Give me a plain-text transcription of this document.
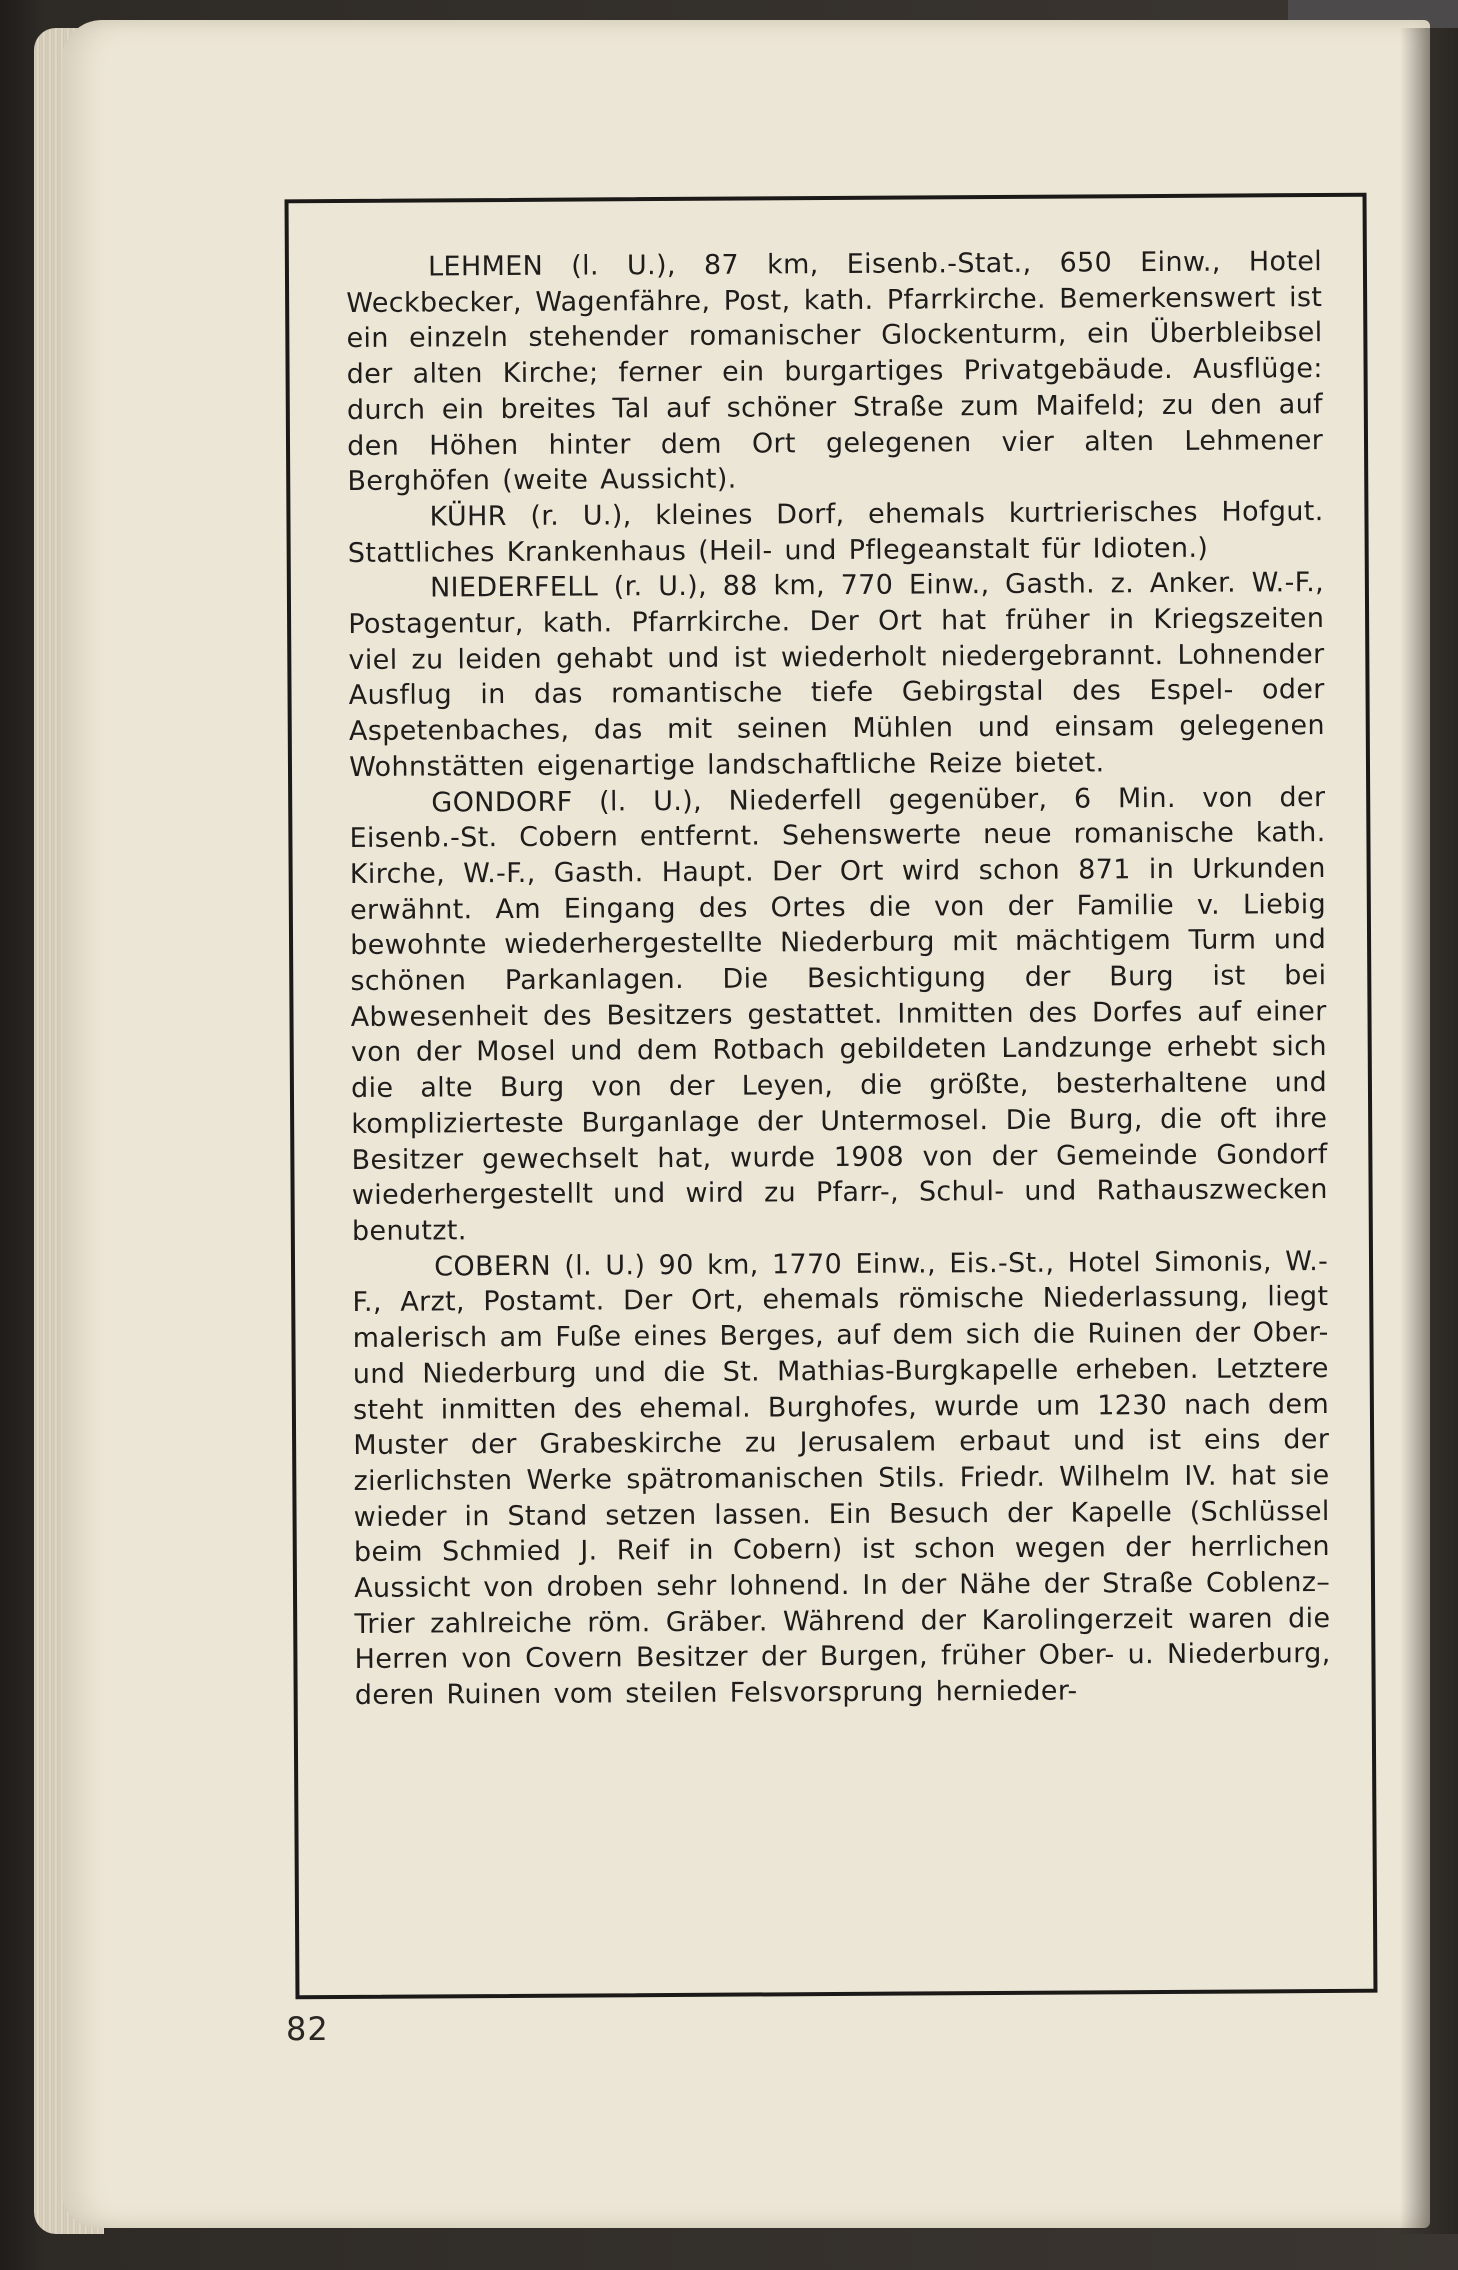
LEHMEN (l. U.), 87 km, Eisenb.-Stat., 650 Einw., Hotel Weckbecker, Wagenfähre, Post, kath. Pfarrkirche. Bemerkenswert ist ein einzeln stehender romanischer Glockenturm, ein Überbleibsel der alten Kirche; ferner ein burgartiges Privatgebäude. Ausflüge: durch ein breites Tal auf schöner Straße zum Maifeld; zu den auf den Höhen hinter dem Ort gelegenen vier alten Lehmener Berghöfen (weite Aussicht).

KÜHR (r. U.), kleines Dorf, ehemals kurtrierisches Hofgut. Stattliches Krankenhaus (Heil- und Pflegeanstalt für Idioten.)

NIEDERFELL (r. U.), 88 km, 770 Einw., Gasth. z. Anker. W.-F., Postagentur, kath. Pfarrkirche. Der Ort hat früher in Kriegszeiten viel zu leiden gehabt und ist wiederholt niedergebrannt. Lohnender Ausflug in das romantische tiefe Gebirgstal des Espel- oder Aspetenbaches, das mit seinen Mühlen und einsam gelegenen Wohnstätten eigenartige landschaftliche Reize bietet.

GONDORF (l. U.), Niederfell gegenüber, 6 Min. von der Eisenb.-St. Cobern entfernt. Sehenswerte neue romanische kath. Kirche, W.-F., Gasth. Haupt. Der Ort wird schon 871 in Urkunden erwähnt. Am Eingang des Ortes die von der Familie v. Liebig bewohnte wiederhergestellte Niederburg mit mächtigem Turm und schönen Parkanlagen. Die Besichtigung der Burg ist bei Abwesenheit des Besitzers gestattet. Inmitten des Dorfes auf einer von der Mosel und dem Rotbach gebildeten Landzunge erhebt sich die alte Burg von der Leyen, die größte, besterhaltene und komplizierteste Burganlage der Untermosel. Die Burg, die oft ihre Besitzer gewechselt hat, wurde 1908 von der Gemeinde Gondorf wiederhergestellt und wird zu Pfarr-, Schul- und Rathauszwecken benutzt.

COBERN (l. U.) 90 km, 1770 Einw., Eis.-St., Hotel Simonis, W.-F., Arzt, Postamt. Der Ort, ehemals römische Niederlassung, liegt malerisch am Fuße eines Berges, auf dem sich die Ruinen der Ober- und Niederburg und die St. Mathias-Burgkapelle erheben. Letztere steht inmitten des ehemal. Burghofes, wurde um 1230 nach dem Muster der Grabeskirche zu Jerusalem erbaut und ist eins der zierlichsten Werke spätromanischen Stils. Friedr. Wilhelm IV. hat sie wieder in Stand setzen lassen. Ein Besuch der Kapelle (Schlüssel beim Schmied J. Reif in Cobern) ist schon wegen der herrlichen Aussicht von droben sehr lohnend. In der Nähe der Straße Coblenz–Trier zahlreiche röm. Gräber. Während der Karolingerzeit waren die Herren von Covern Besitzer der Burgen, früher Ober- u. Niederburg, deren Ruinen vom steilen Felsvorsprung hernieder-

82
